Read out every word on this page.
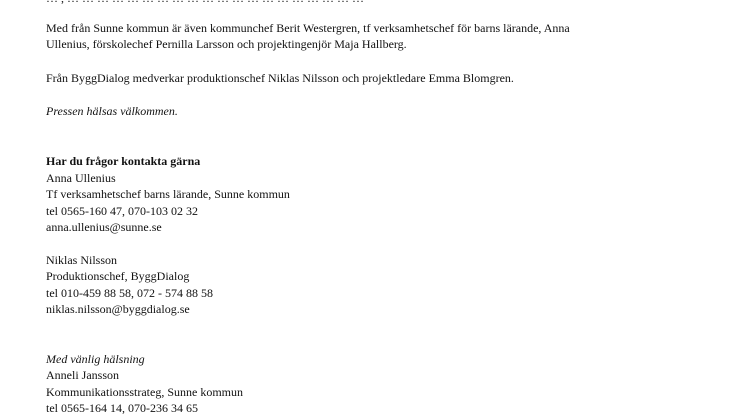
Med från Sunne kommun är även kommunchef Berit Westergren, tf verksamhetschef för barns lärande, Anna
Ullenius, förskolechef Pernilla Larsson och projektingenjör Maja Hallberg.

Från ByggDialog medverkar produktionschef Niklas Nilsson och projektledare Emma Blomgren.

Pressen hälsas välkommen.

Har du frågor kontakta gärna

Anna Ullenius
Tf verksamhetschef barns lärande, Sunne kommun
tel 0565-160 47, 070-103 02 32
anna.ullenius@sunne.se
Niklas Nilsson
Produktionschef, ByggDialog
tel 010-459 88 58, 072 - 574 88 58
niklas.nilsson@byggdialog.se
Med vänlig hälsning
Anneli Jansson
Kommunikationsstrateg, Sunne kommun
tel 0565-164 14, 070-236 34 65
